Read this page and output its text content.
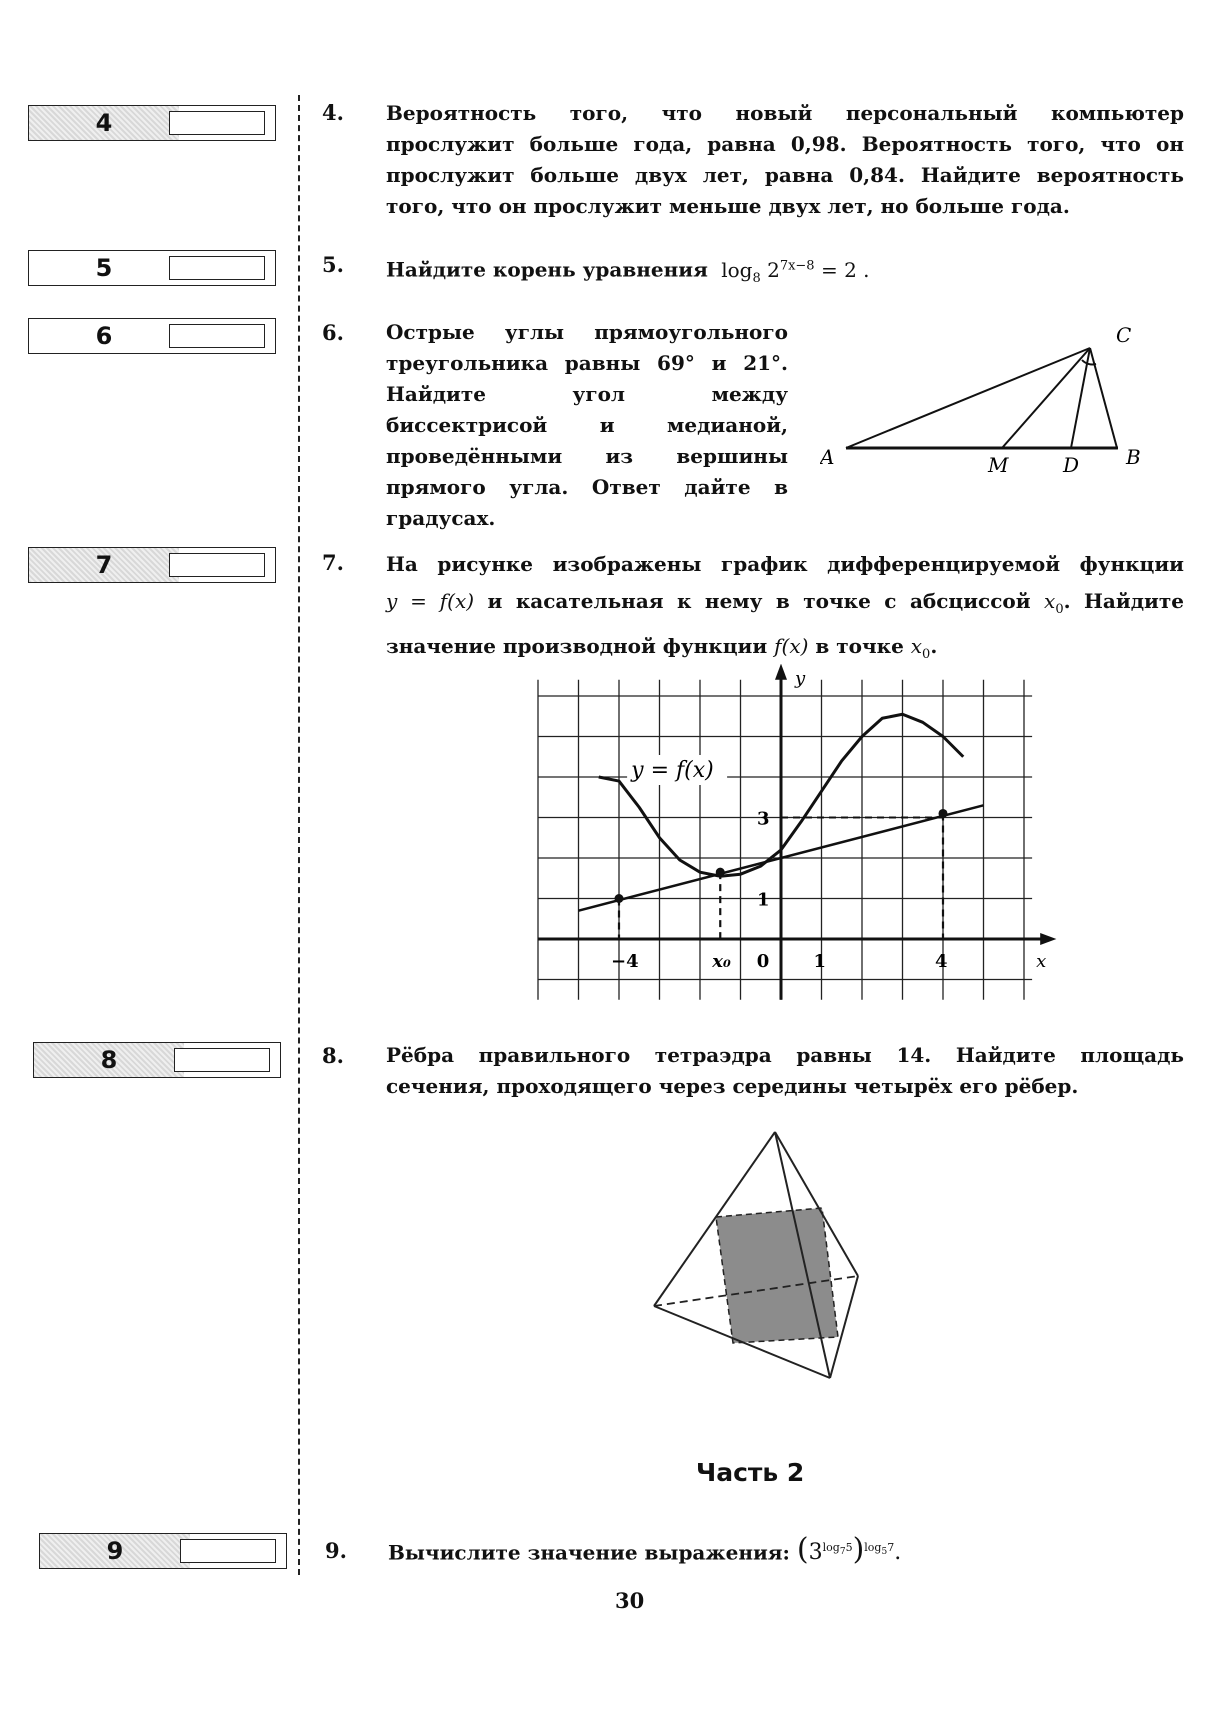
4
5
6
7
8
9
4. Вероятность того, что новый персональный компьютер прослужит больше года, равна 0,98. Вероятность того, что он прослужит больше двух лет, равна 0,84. Найдите вероятность того, что он прослужит меньше двух лет, но больше года.
5. Найдите корень уравнения $\log_8 2^{7x-8} = 2$ .
6. Острые углы прямоугольного треугольника равны 69° и 21°. Найдите угол между биссектрисой и медианой, проведёнными из вершины прямого угла. Ответ дайте в градусах.
A	B
C
M	D
7. На рисунке изображены график дифференцируемой функции
y = f(x) и касательная к нему в точке с абсциссой $x_0$. Найдите
значение производной функции f(x) в точке $x_0$.
x
y
−4	x₀ 0 1	4
1
3
y = f(x)
8. Рёбра правильного тетраэдра равны 14. Найдите площадь сечения, проходящего через середины четырёх его рёбер.
Часть 2
9. Вычислите значение выражения: $(3^{log_75})^{log_57}$.
30
